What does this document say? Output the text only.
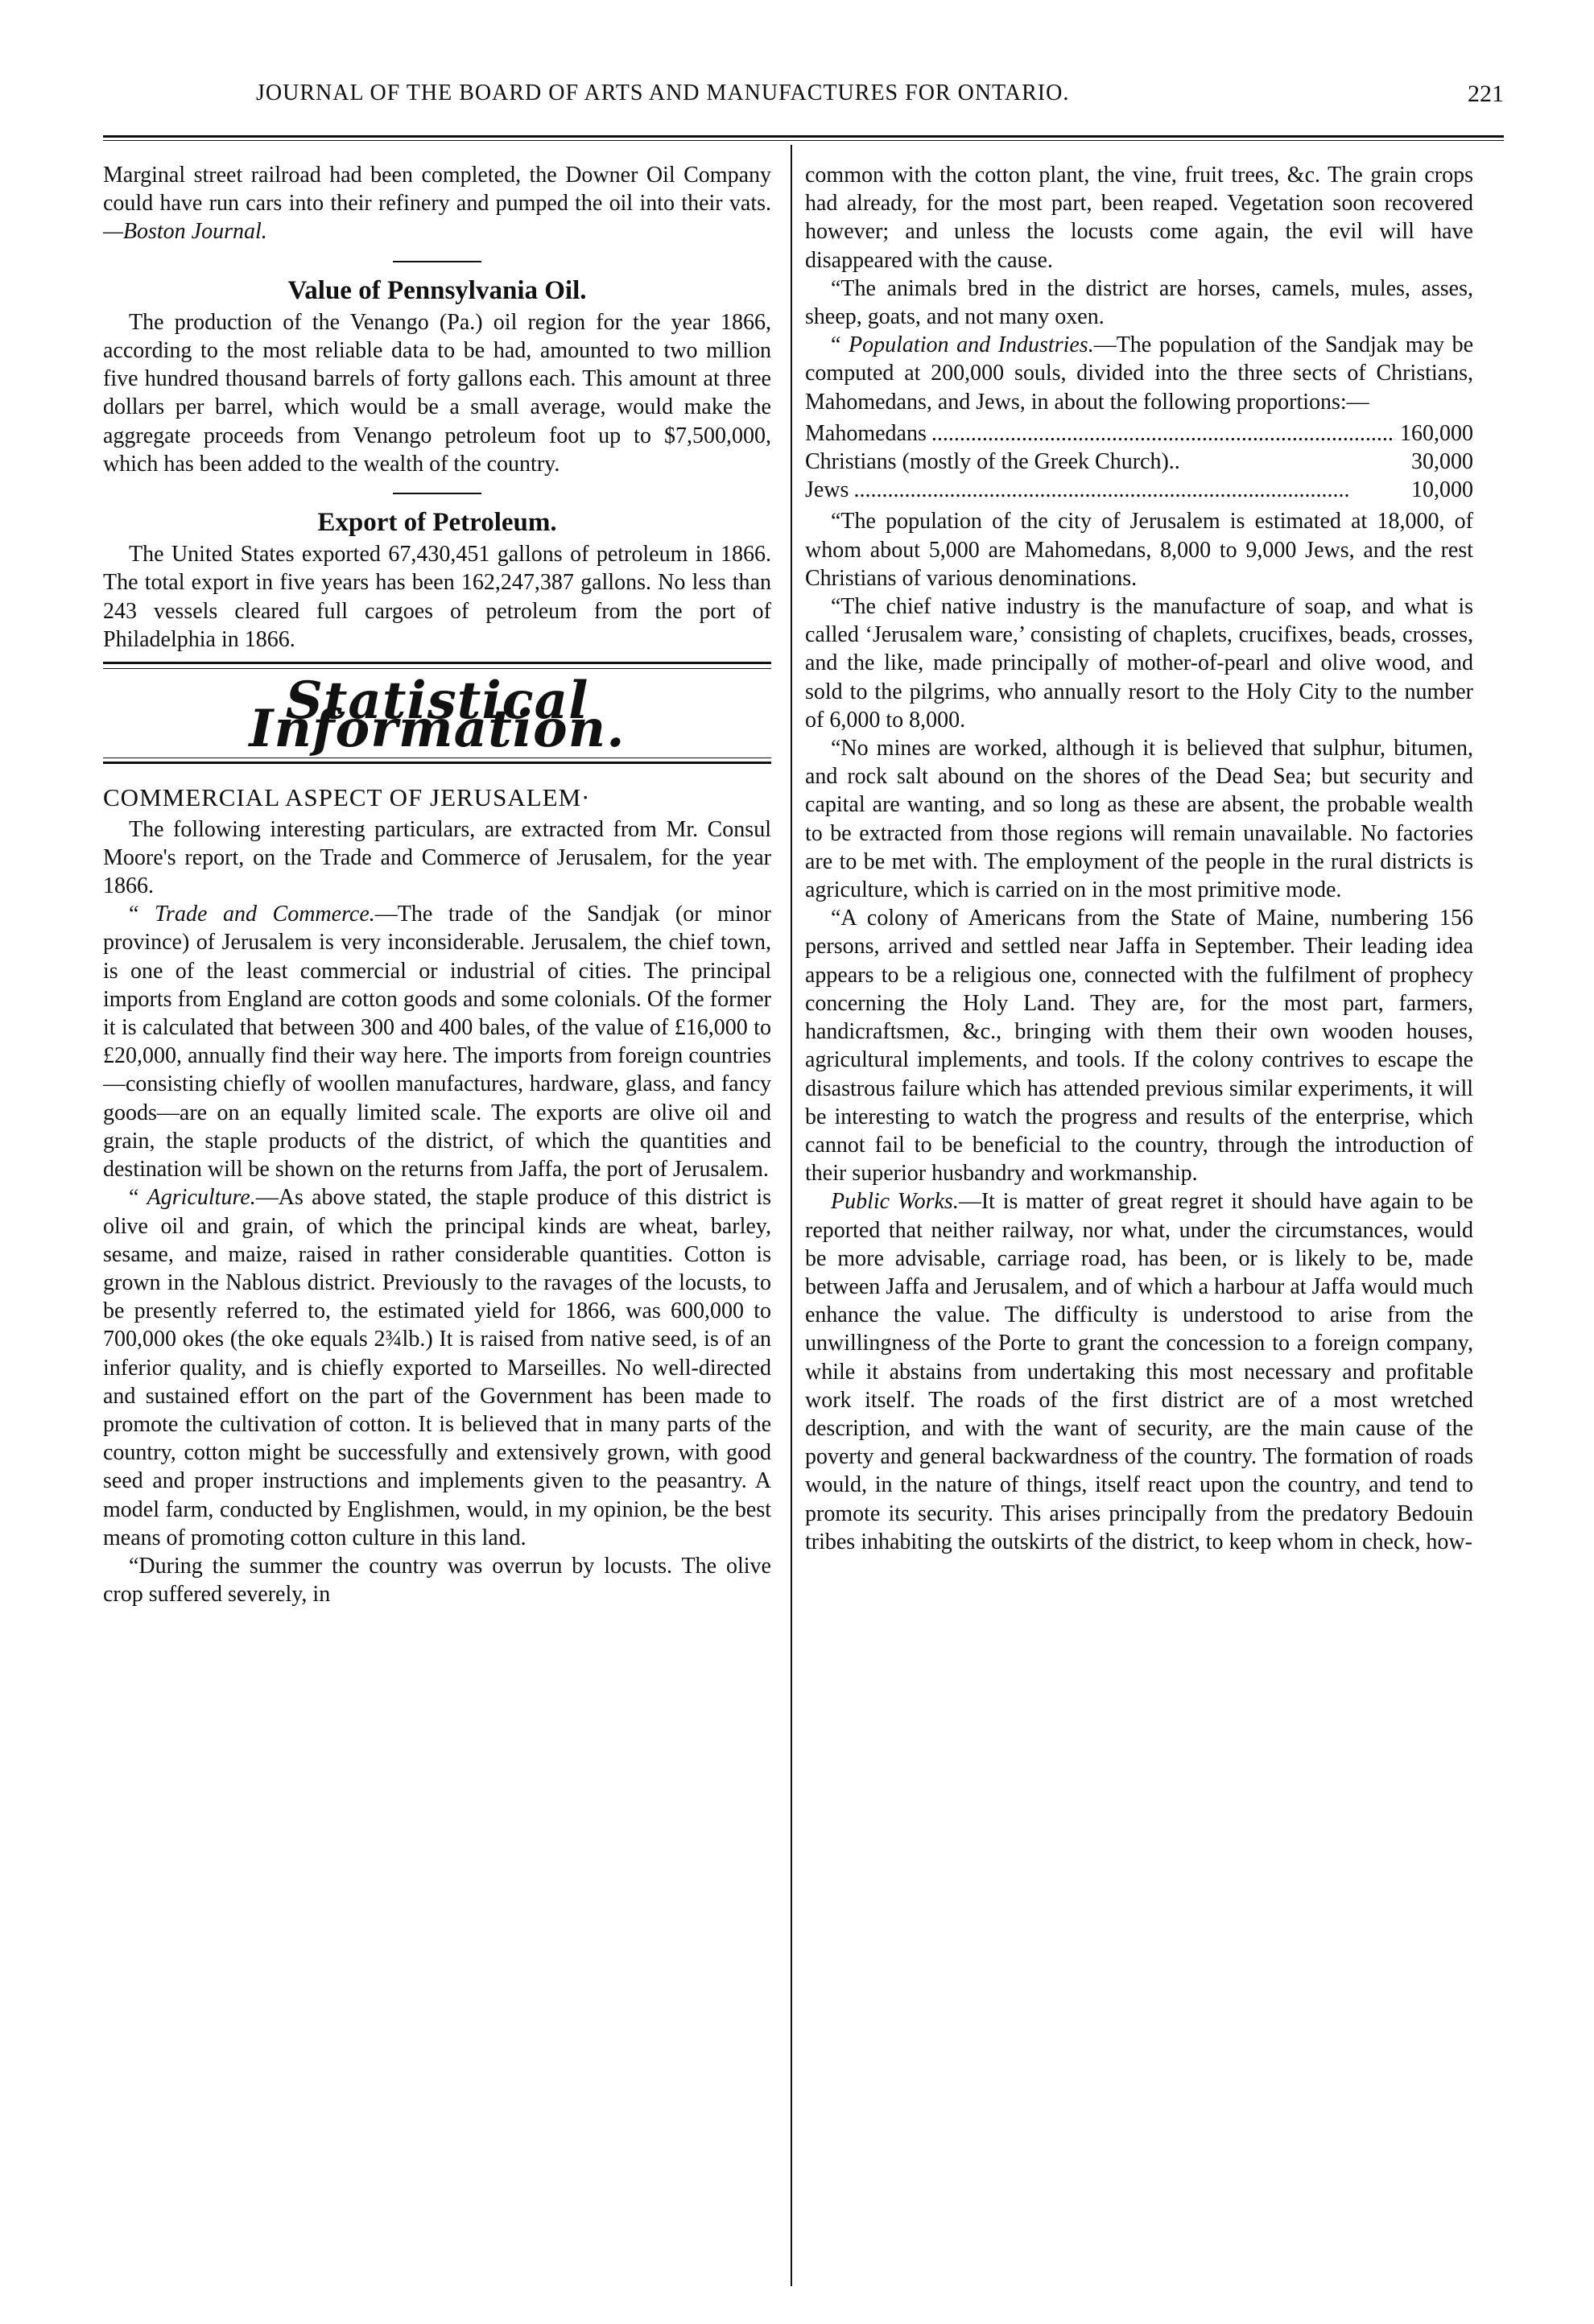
JOURNAL OF THE BOARD OF ARTS AND MANUFACTURES FOR ONTARIO.	221

Marginal street railroad had been completed, the Downer Oil Company could have run cars into their refinery and pumped the oil into their vats. —Boston Journal.

Value of Pennsylvania Oil.

The production of the Venango (Pa.) oil region for the year 1866, according to the most reliable data to be had, amounted to two million five hundred thousand barrels of forty gallons each. This amount at three dollars per barrel, which would be a small average, would make the aggregate proceeds from Venango petroleum foot up to $7,500,000, which has been added to the wealth of the country.

Export of Petroleum.

The United States exported 67,430,451 gallons of petroleum in 1866. The total export in five years has been 162,247,387 gallons. No less than 243 vessels cleared full cargoes of petroleum from the port of Philadelphia in 1866.

Statistical Information.
COMMERCIAL ASPECT OF JERUSALEM·

The following interesting particulars, are extracted from Mr. Consul Moore's report, on the Trade and Commerce of Jerusalem, for the year 1866.

“ Trade and Commerce.—The trade of the Sandjak (or minor province) of Jerusalem is very inconsiderable. Jerusalem, the chief town, is one of the least commercial or industrial of cities. The principal imports from England are cotton goods and some colonials. Of the former it is calculated that between 300 and 400 bales, of the value of £16,000 to £20,000, annually find their way here. The imports from foreign countries—consisting chiefly of woollen manufactures, hardware, glass, and fancy goods—are on an equally limited scale. The exports are olive oil and grain, the staple products of the district, of which the quantities and destination will be shown on the returns from Jaffa, the port of Jerusalem.

“ Agriculture.—As above stated, the staple produce of this district is olive oil and grain, of which the principal kinds are wheat, barley, sesame, and maize, raised in rather considerable quantities. Cotton is grown in the Nablous district. Previously to the ravages of the locusts, to be presently referred to, the estimated yield for 1866, was 600,000 to 700,000 okes (the oke equals 2¾lb.) It is raised from native seed, is of an inferior quality, and is chiefly exported to Marseilles. No well-directed and sustained effort on the part of the Government has been made to promote the cultivation of cotton. It is believed that in many parts of the country, cotton might be successfully and extensively grown, with good seed and proper instructions and implements given to the peasantry. A model farm, conducted by Englishmen, would, in my opinion, be the best means of promoting cotton culture in this land.

“During the summer the country was overrun by locusts. The olive crop suffered severely, in

common with the cotton plant, the vine, fruit trees, &c. The grain crops had already, for the most part, been reaped. Vegetation soon recovered however; and unless the locusts come again, the evil will have disappeared with the cause.

“The animals bred in the district are horses, camels, mules, asses, sheep, goats, and not many oxen.

“ Population and Industries.—The population of the Sandjak may be computed at 200,000 souls, divided into the three sects of Christians, Mahomedans, and Jews, in about the following proportions:—

Mahomedans .....	160,000
Christians (mostly of the Greek Church)..	30,000
Jews .....	10,000

“The population of the city of Jerusalem is estimated at 18,000, of whom about 5,000 are Mahomedans, 8,000 to 9,000 Jews, and the rest Christians of various denominations.

“The chief native industry is the manufacture of soap, and what is called ‘Jerusalem ware,’ consisting of chaplets, crucifixes, beads, crosses, and the like, made principally of mother-of-pearl and olive wood, and sold to the pilgrims, who annually resort to the Holy City to the number of 6,000 to 8,000.

“No mines are worked, although it is believed that sulphur, bitumen, and rock salt abound on the shores of the Dead Sea; but security and capital are wanting, and so long as these are absent, the probable wealth to be extracted from those regions will remain unavailable. No factories are to be met with. The employment of the people in the rural districts is agriculture, which is carried on in the most primitive mode.

“A colony of Americans from the State of Maine, numbering 156 persons, arrived and settled near Jaffa in September. Their leading idea appears to be a religious one, connected with the fulfilment of prophecy concerning the Holy Land. They are, for the most part, farmers, handicraftsmen, &c., bringing with them their own wooden houses, agricultural implements, and tools. If the colony contrives to escape the disastrous failure which has attended previous similar experiments, it will be interesting to watch the progress and results of the enterprise, which cannot fail to be beneficial to the country, through the introduction of their superior husbandry and workmanship.

Public Works.—It is matter of great regret it should have again to be reported that neither railway, nor what, under the circumstances, would be more advisable, carriage road, has been, or is likely to be, made between Jaffa and Jerusalem, and of which a harbour at Jaffa would much enhance the value. The difficulty is understood to arise from the unwillingness of the Porte to grant the concession to a foreign company, while it abstains from undertaking this most necessary and profitable work itself. The roads of the first district are of a most wretched description, and with the want of security, are the main cause of the poverty and general backwardness of the country. The formation of roads would, in the nature of things, itself react upon the country, and tend to promote its security. This arises principally from the predatory Bedouin tribes inhabiting the outskirts of the district, to keep whom in check, how-
